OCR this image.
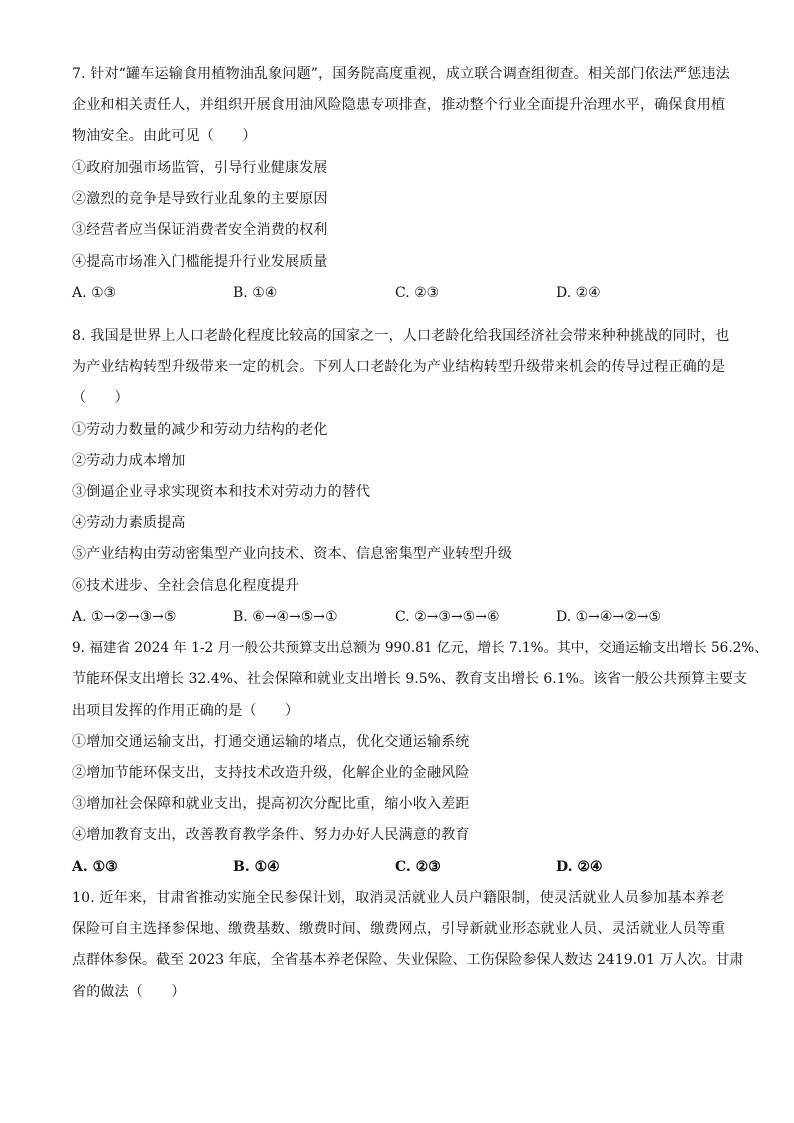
7. 针对“罐车运输食用植物油乱象问题”，国务院高度重视，成立联合调查组彻查。相关部门依法严惩违法
企业和相关责任人，并组织开展食用油风险隐患专项排查，推动整个行业全面提升治理水平，确保食用植
物油安全。由此可见（　　）
①政府加强市场监管，引导行业健康发展
②激烈的竞争是导致行业乱象的主要原因
③经营者应当保证消费者安全消费的权利
④提高市场准入门槛能提升行业发展质量
A. ①③	B. ①④	C. ②③	D. ②④
8. 我国是世界上人口老龄化程度比较高的国家之一，人口老龄化给我国经济社会带来种种挑战的同时，也
为产业结构转型升级带来一定的机会。下列人口老龄化为产业结构转型升级带来机会的传导过程正确的是
（　　）
①劳动力数量的减少和劳动力结构的老化
②劳动力成本增加
③倒逼企业寻求实现资本和技术对劳动力的替代
④劳动力素质提高
⑤产业结构由劳动密集型产业向技术、资本、信息密集型产业转型升级
⑥技术进步、全社会信息化程度提升
A. ①→②→③→⑤	B. ⑥→④→⑤→①	C. ②→③→⑤→⑥	D. ①→④→②→⑤
9. 福建省 2024 年 1-2 月一般公共预算支出总额为 990.81 亿元，增长 7.1%。其中，交通运输支出增长 56.2%、
节能环保支出增长 32.4%、社会保障和就业支出增长 9.5%、教育支出增长 6.1%。该省一般公共预算主要支
出项目发挥的作用正确的是（　　）
①增加交通运输支出，打通交通运输的堵点，优化交通运输系统
②增加节能环保支出，支持技术改造升级，化解企业的金融风险
③增加社会保障和就业支出，提高初次分配比重，缩小收入差距
④增加教育支出，改善教育教学条件、努力办好人民满意的教育
A. ①③	B. ①④	C. ②③	D. ②④
10. 近年来，甘肃省推动实施全民参保计划，取消灵活就业人员户籍限制，使灵活就业人员参加基本养老
保险可自主选择参保地、缴费基数、缴费时间、缴费网点，引导新就业形态就业人员、灵活就业人员等重
点群体参保。截至 2023 年底，全省基本养老保险、失业保险、工伤保险参保人数达 2419.01 万人次。甘肃
省的做法（　　）
